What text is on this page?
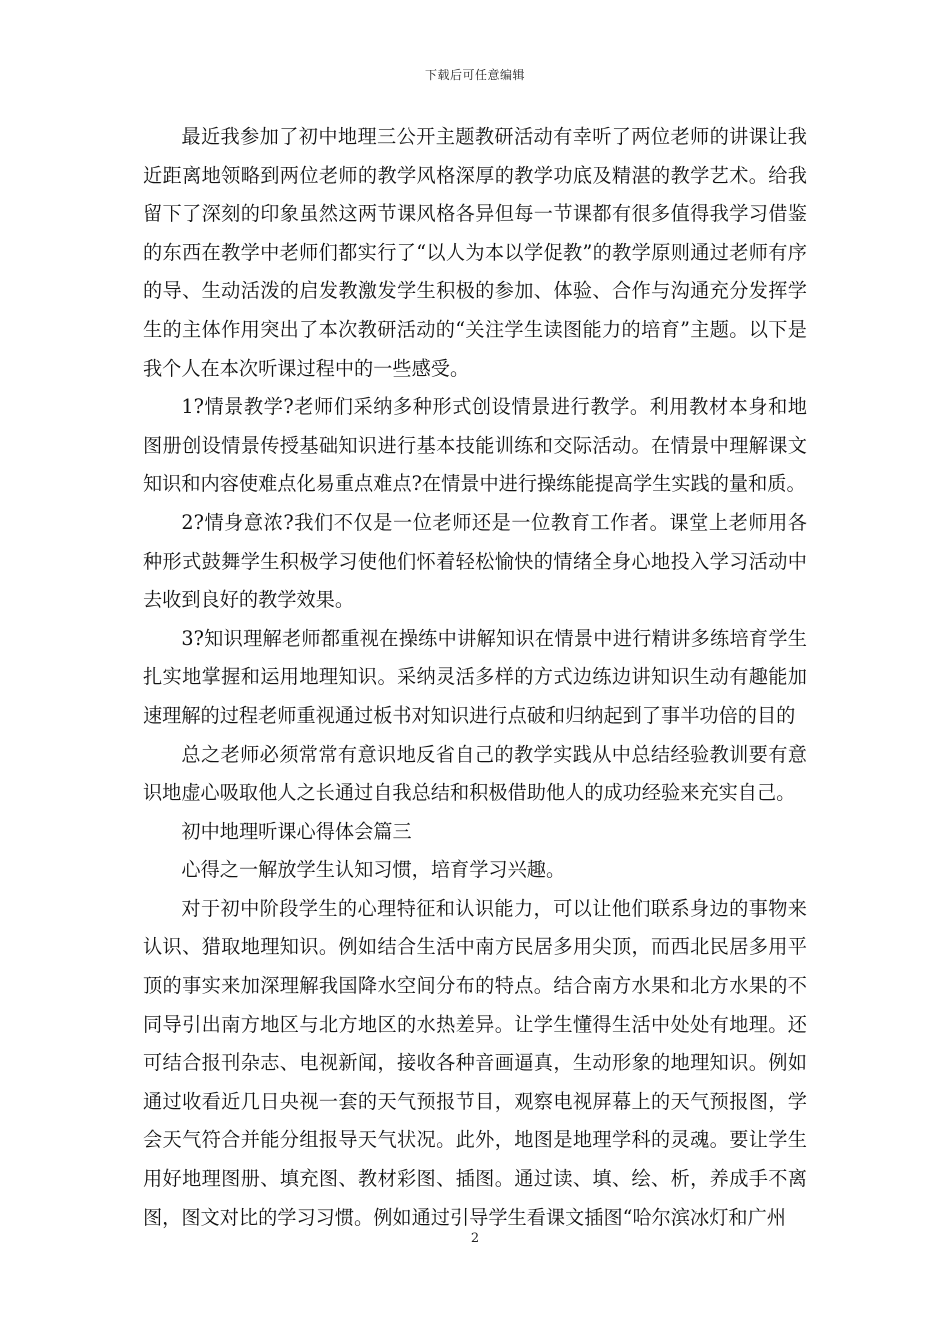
下载后可任意编辑

最近我参加了初中地理三公开主题教研活动有幸听了两位老师的讲课让我近距离地领略到两位老师的教学风格深厚的教学功底及精湛的教学艺术。给我留下了深刻的印象虽然这两节课风格各异但每一节课都有很多值得我学习借鉴的东西在教学中老师们都实行了“以人为本以学促教”的教学原则通过老师有序的导、生动活泼的启发教激发学生积极的参加、体验、合作与沟通充分发挥学生的主体作用突出了本次教研活动的“关注学生读图能力的培育”主题。以下是我个人在本次听课过程中的一些感受。

1?情景教学?老师们采纳多种形式创设情景进行教学。利用教材本身和地图册创设情景传授基础知识进行基本技能训练和交际活动。在情景中理解课文知识和内容使难点化易重点难点?在情景中进行操练能提高学生实践的量和质。

2?情身意浓?我们不仅是一位老师还是一位教育工作者。课堂上老师用各种形式鼓舞学生积极学习使他们怀着轻松愉快的情绪全身心地投入学习活动中去收到良好的教学效果。

3?知识理解老师都重视在操练中讲解知识在情景中进行精讲多练培育学生扎实地掌握和运用地理知识。采纳灵活多样的方式边练边讲知识生动有趣能加速理解的过程老师重视通过板书对知识进行点破和归纳起到了事半功倍的目的

总之老师必须常常有意识地反省自己的教学实践从中总结经验教训要有意识地虚心吸取他人之长通过自我总结和积极借助他人的成功经验来充实自己。

初中地理听课心得体会篇三

心得之一解放学生认知习惯，培育学习兴趣。

对于初中阶段学生的心理特征和认识能力，可以让他们联系身边的事物来认识、猎取地理知识。例如结合生活中南方民居多用尖顶，而西北民居多用平顶的事实来加深理解我国降水空间分布的特点。结合南方水果和北方水果的不同导引出南方地区与北方地区的水热差异。让学生懂得生活中处处有地理。还可结合报刊杂志、电视新闻，接收各种音画逼真，生动形象的地理知识。例如通过收看近几日央视一套的天气预报节目，观察电视屏幕上的天气预报图，学会天气符合并能分组报导天气状况。此外，地图是地理学科的灵魂。要让学生用好地理图册、填充图、教材彩图、插图。通过读、填、绘、析，养成手不离图，图文对比的学习习惯。例如通过引导学生看课文插图“哈尔滨冰灯和广州

2
